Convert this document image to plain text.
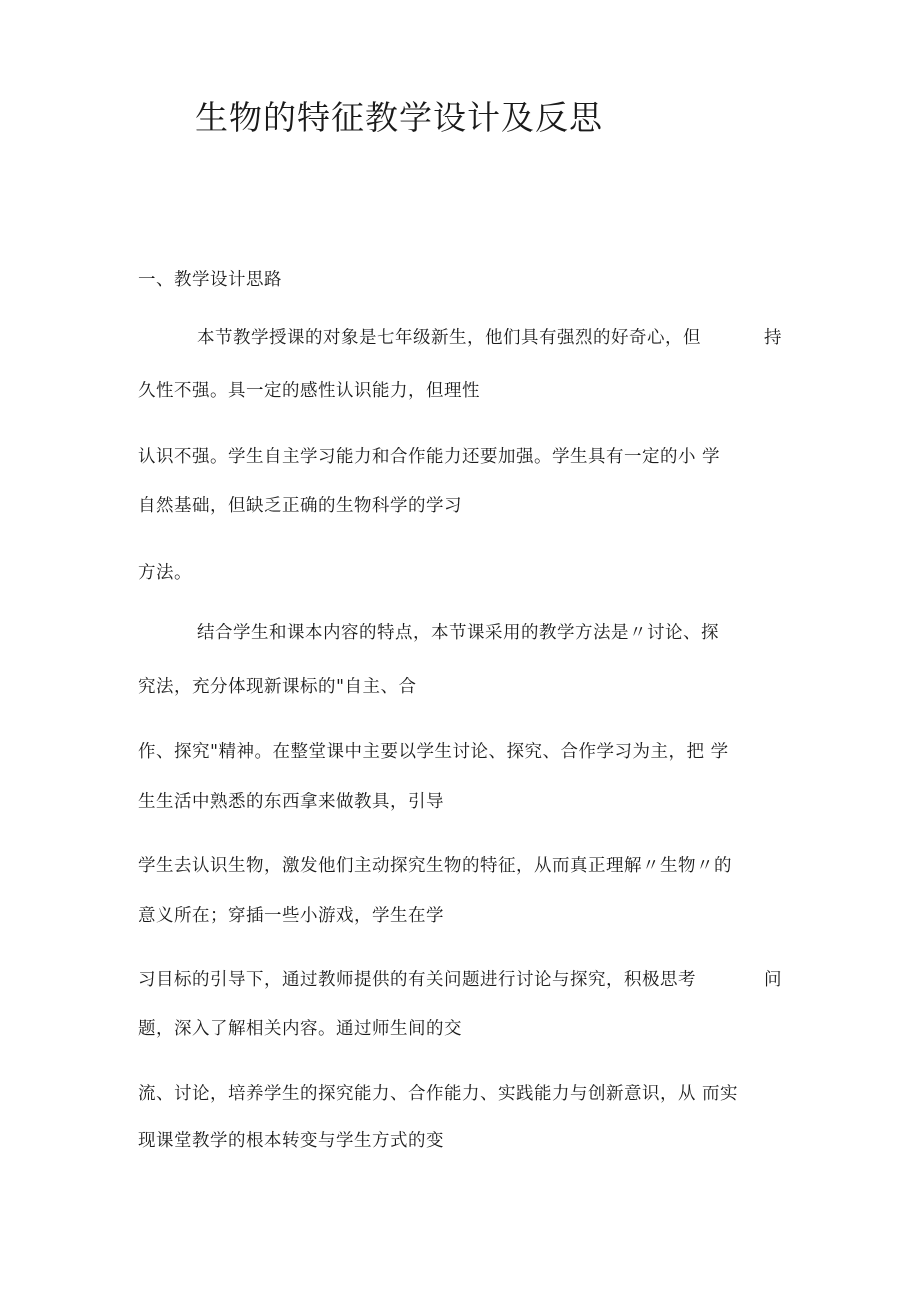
生物的特征教学设计及反思
一、教学设计思路
本节教学授课的对象是七年级新生，他们具有强烈的好奇心，但	持
久性不强。具一定的感性认识能力，但理性
认识不强。学生自主学习能力和合作能力还要加强。学生具有一定的小 学
自然基础，但缺乏正确的生物科学的学习
方法。
结合学生和课本内容的特点，本节课采用的教学方法是〃讨论、探
究法，充分体现新课标的"自主、合
作、探究"精神。在整堂课中主要以学生讨论、探究、合作学习为主，把 学
生生活中熟悉的东西拿来做教具，引导
学生去认识生物，激发他们主动探究生物的特征，从而真正理解〃生物〃的
意义所在；穿插一些小游戏，学生在学
习目标的引导下，通过教师提供的有关问题进行讨论与探究，积极思考	问
题，深入了解相关内容。通过师生间的交
流、讨论，培养学生的探究能力、合作能力、实践能力与创新意识，从 而实
现课堂教学的根本转变与学生方式的变
